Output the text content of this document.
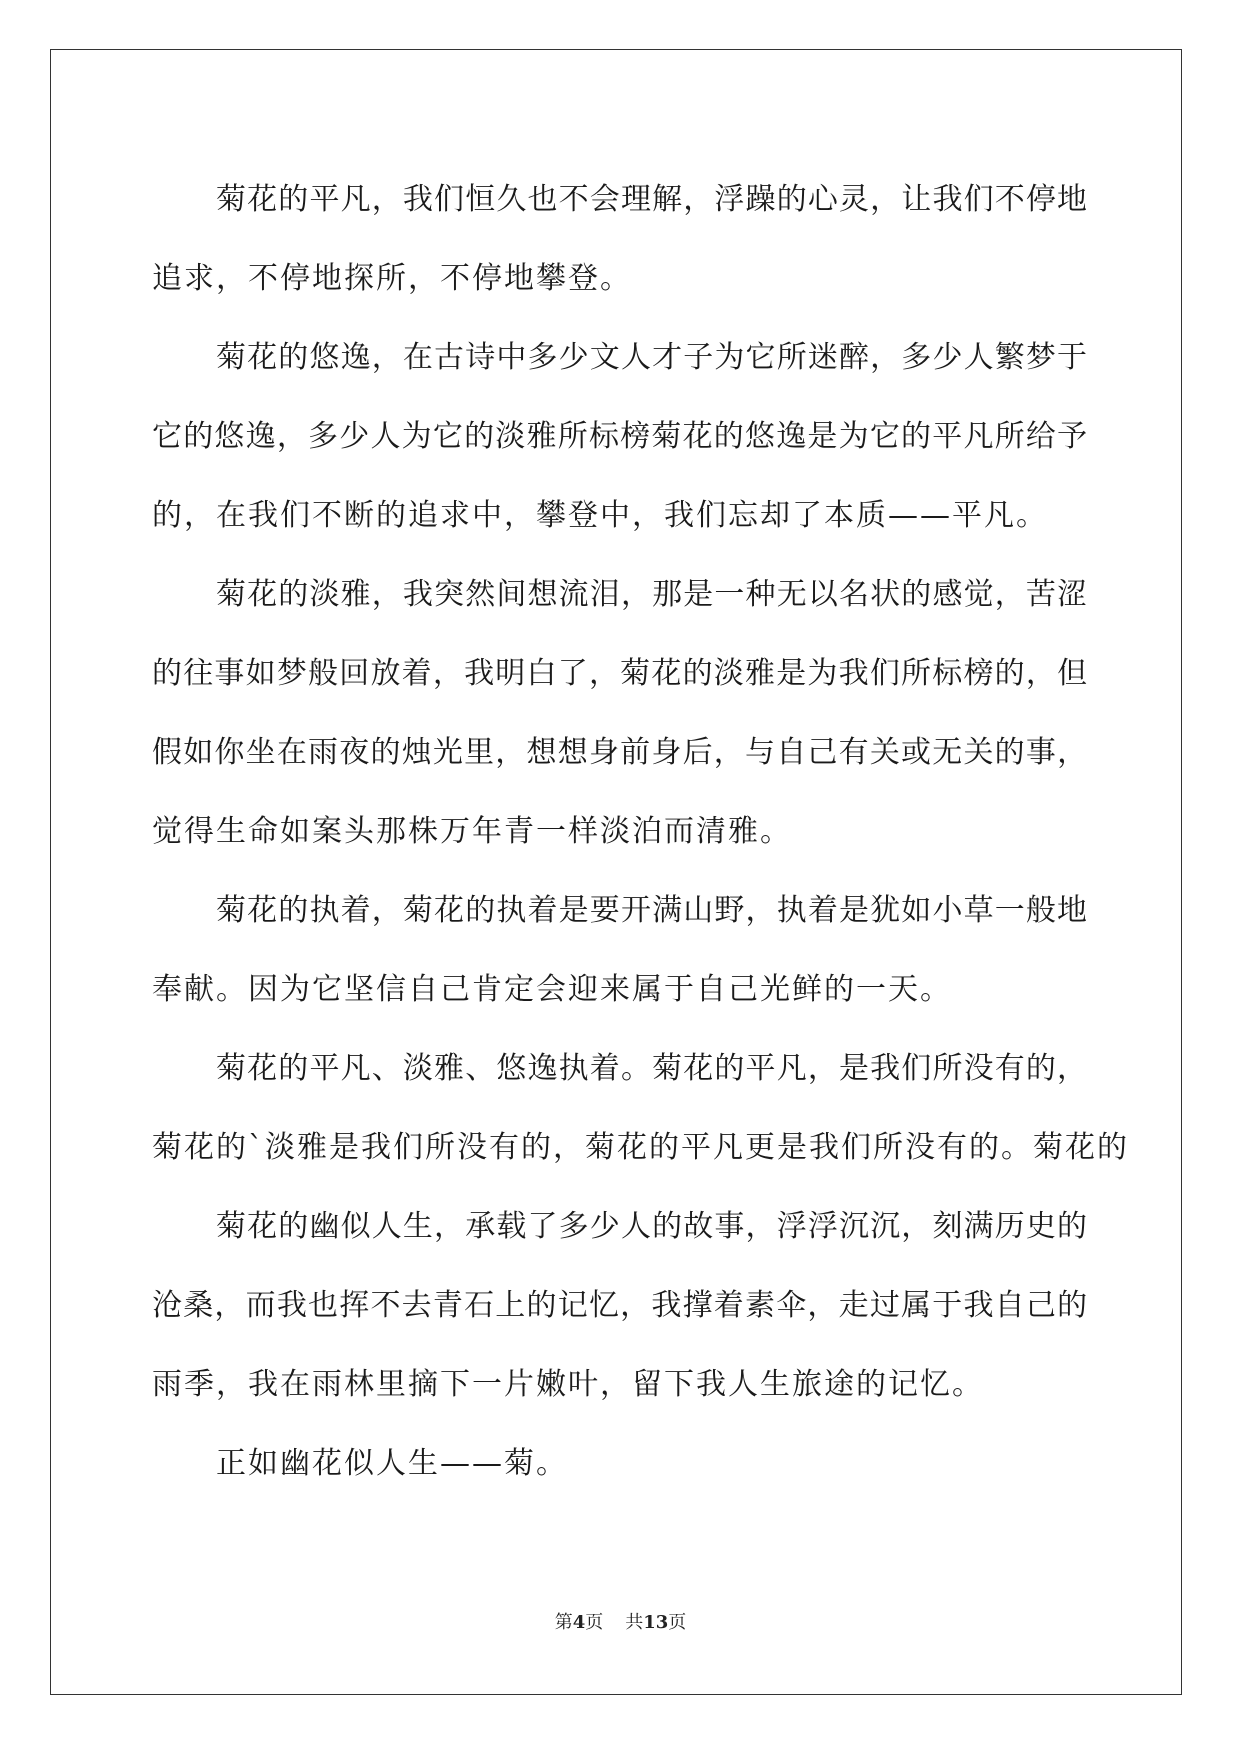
菊花的平凡，我们恒久也不会理解，浮躁的心灵，让我们不停地
追求，不停地探所，不停地攀登。
菊花的悠逸，在古诗中多少文人才子为它所迷醉，多少人繁梦于
它的悠逸，多少人为它的淡雅所标榜菊花的悠逸是为它的平凡所给予
的，在我们不断的追求中，攀登中，我们忘却了本质——平凡。
菊花的淡雅，我突然间想流泪，那是一种无以名状的感觉，苦涩
的往事如梦般回放着，我明白了，菊花的淡雅是为我们所标榜的，但
假如你坐在雨夜的烛光里，想想身前身后，与自己有关或无关的事，
觉得生命如案头那株万年青一样淡泊而清雅。
菊花的执着，菊花的执着是要开满山野，执着是犹如小草一般地
奉献。因为它坚信自己肯定会迎来属于自己光鲜的一天。
菊花的平凡、淡雅、悠逸执着。菊花的平凡，是我们所没有的，
菊花的`淡雅是我们所没有的，菊花的平凡更是我们所没有的。菊花的
菊花的幽似人生，承载了多少人的故事，浮浮沉沉，刻满历史的
沧桑，而我也挥不去青石上的记忆，我撑着素伞，走过属于我自己的
雨季，我在雨林里摘下一片嫩叶，留下我人生旅途的记忆。
正如幽花似人生——菊。
第4页 共13页
